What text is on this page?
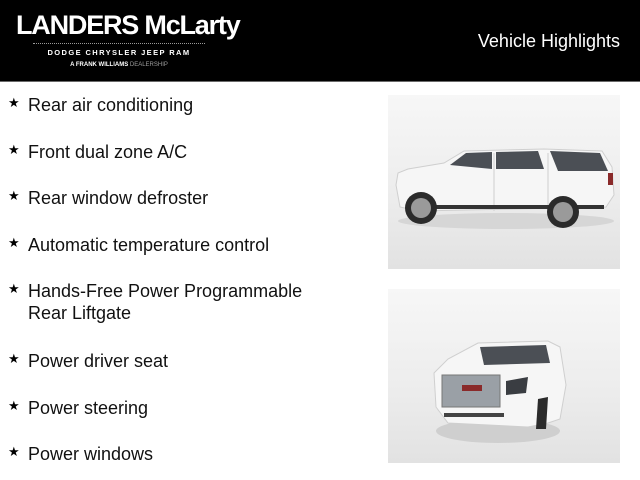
LANDERS McLarty
DODGE CHRYSLER JEEP RAM
A FRANK WILLIAMS DEALERSHIP
Vehicle Highlights
★ Rear air conditioning
★ Front dual zone A/C
★ Rear window defroster
★ Automatic temperature control
★ Hands-Free Power Programmable Rear Liftgate
★ Power driver seat
★ Power steering
★ Power windows
